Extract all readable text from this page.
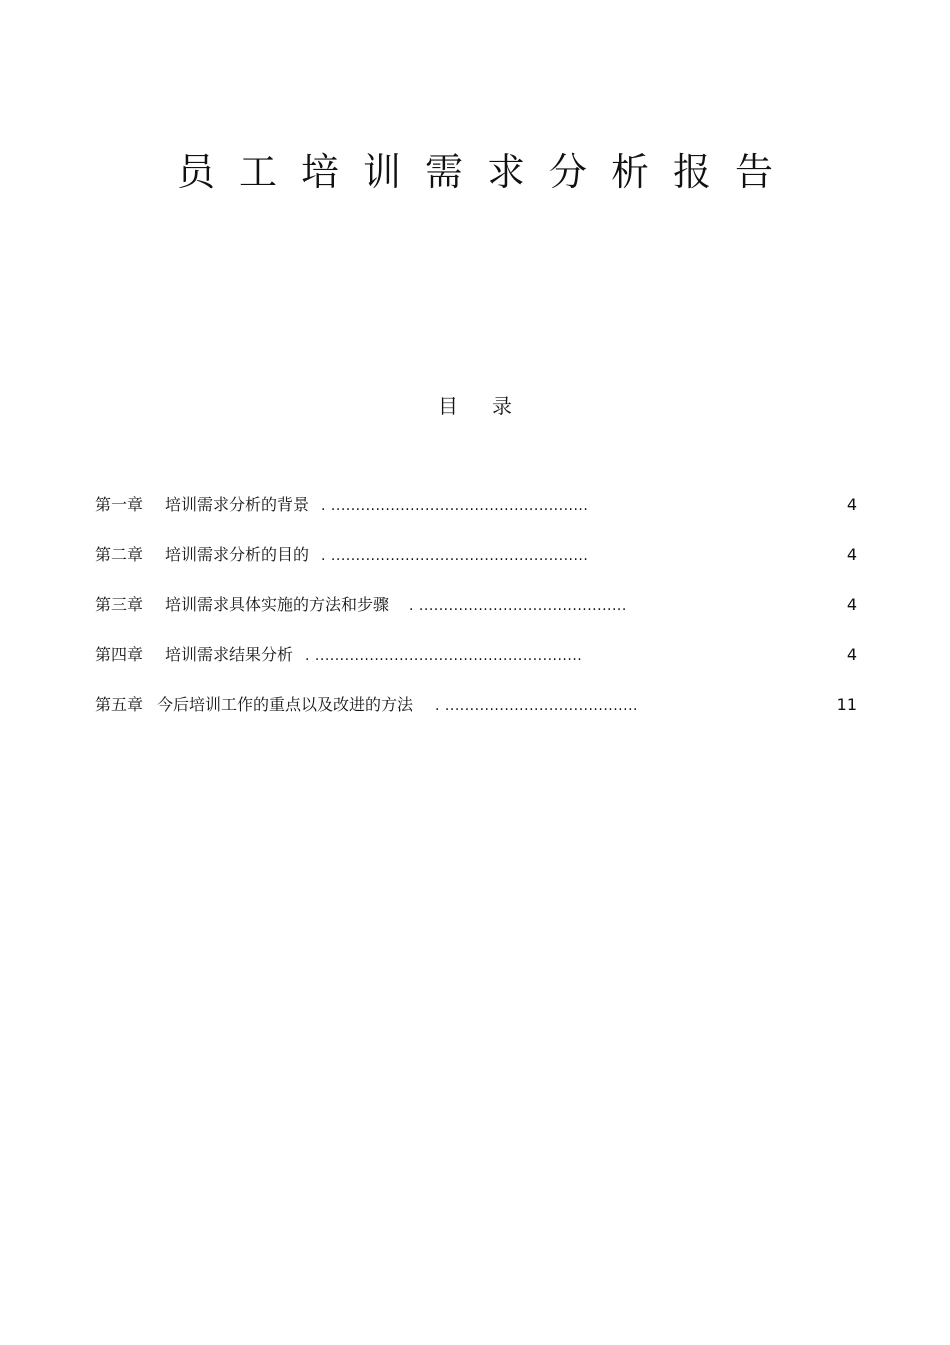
员工培训需求分析报告
目录
第一章 培训需求分析的背景 . ....................................................	4
第二章 培训需求分析的目的 . ....................................................	4
第三章 培训需求具体实施的方法和步骤 . ..........................................	4
第四章 培训需求结果分析 . ......................................................	4
第五章 今后培训工作的重点以及改进的方法 . .......................................	11
